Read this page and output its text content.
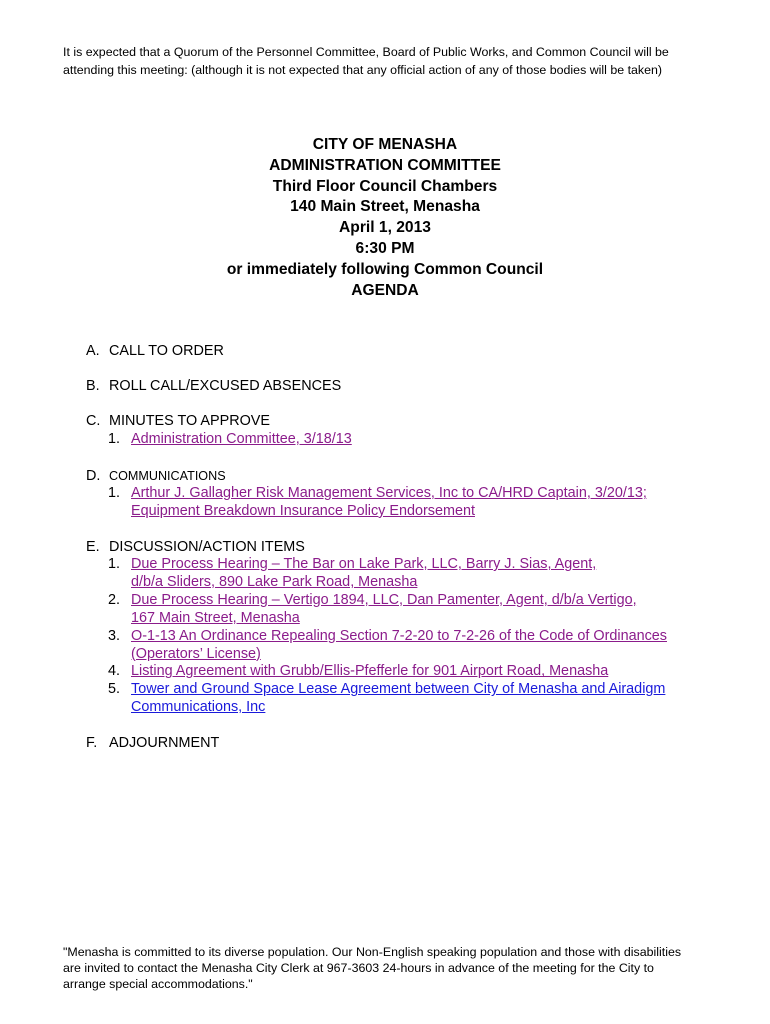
It is expected that a Quorum of the Personnel Committee, Board of Public Works, and Common Council will be
attending this meeting: (although it is not expected that any official action of any of those bodies will be taken)
CITY OF MENASHA
ADMINISTRATION COMMITTEE
Third Floor Council Chambers
140 Main Street, Menasha
April 1, 2013
6:30 PM
or immediately following Common Council
AGENDA
A. CALL TO ORDER
B. ROLL CALL/EXCUSED ABSENCES
C. MINUTES TO APPROVE
1. Administration Committee, 3/18/13
D. COMMUNICATIONS
1. Arthur J. Gallagher Risk Management Services, Inc to CA/HRD Captain, 3/20/13;
Equipment Breakdown Insurance Policy Endorsement
E. DISCUSSION/ACTION ITEMS
1. Due Process Hearing – The Bar on Lake Park, LLC, Barry J. Sias, Agent,
d/b/a Sliders, 890 Lake Park Road, Menasha
2. Due Process Hearing – Vertigo 1894, LLC, Dan Pamenter, Agent, d/b/a Vertigo,
167 Main Street, Menasha
3. O-1-13 An Ordinance Repealing Section 7-2-20 to 7-2-26 of the Code of Ordinances
(Operators’ License)
4. Listing Agreement with Grubb/Ellis-Pfefferle for 901 Airport Road, Menasha
5. Tower and Ground Space Lease Agreement between City of Menasha and Airadigm
Communications, Inc
F. ADJOURNMENT
"Menasha is committed to its diverse population. Our Non-English speaking population and those with disabilities
are invited to contact the Menasha City Clerk at 967-3603 24-hours in advance of the meeting for the City to
arrange special accommodations."
